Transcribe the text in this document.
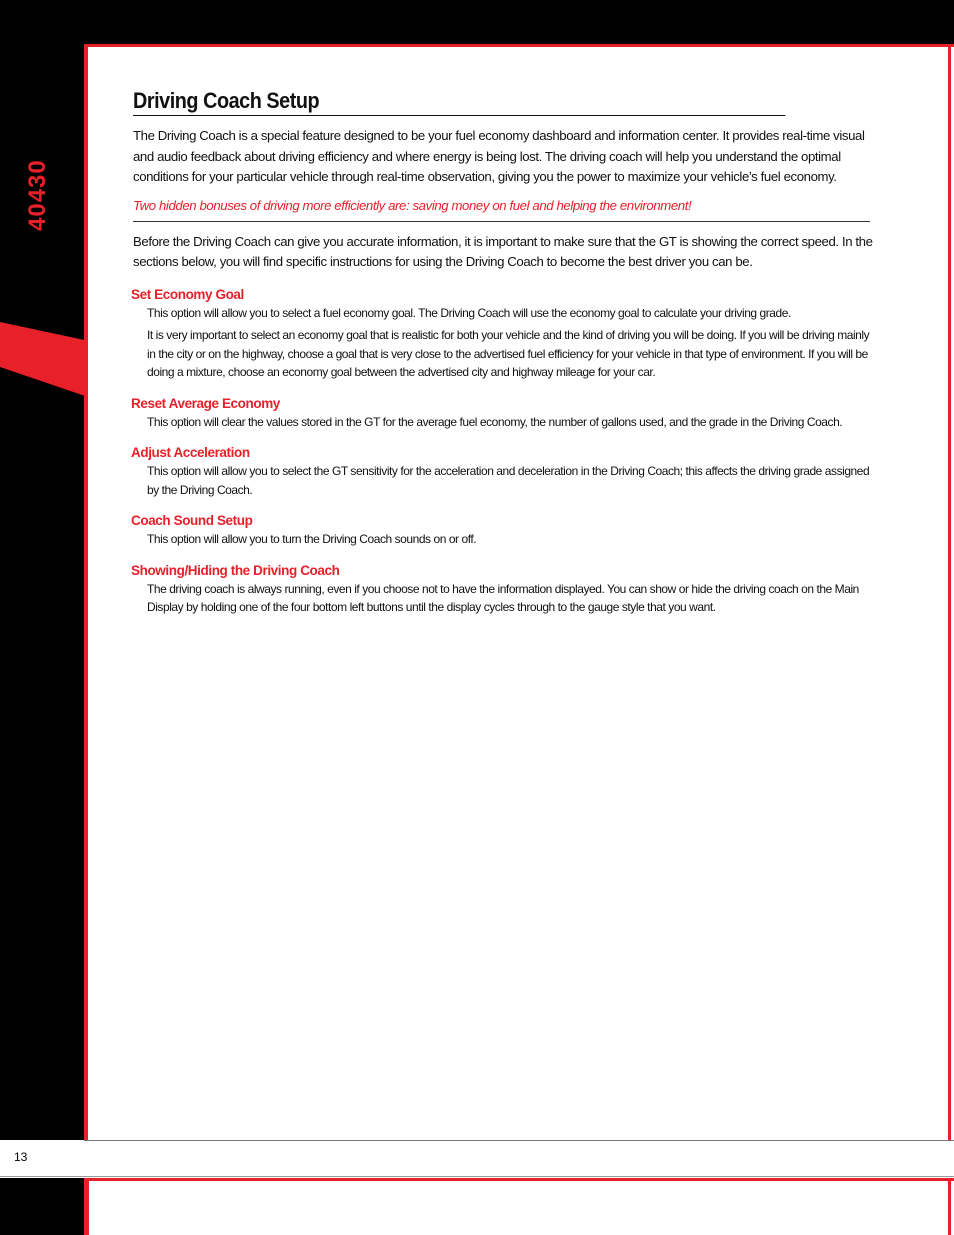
40430 GT for Hemi Plus Driving Coach Setup

The Driving Coach is a special feature designed to be your fuel economy dashboard and information center. It provides real-time visual and audio feedback about driving efficiency and where energy is being lost. The driving coach will help you understand the optimal conditions for your particular vehicle through real-time observation, giving you the power to maximize your vehicle’s fuel economy.

Two hidden bonuses of driving more efficiently are: saving money on fuel and helping the environment!

Before the Driving Coach can give you accurate information, it is important to make sure that the GT is showing the correct speed. In the sections below, you will find specific instructions for using the Driving Coach to become the best driver you can be.

Set Economy Goal

This option will allow you to select a fuel economy goal. The Driving Coach will use the economy goal to calculate your driving grade.

It is very important to select an economy goal that is realistic for both your vehicle and the kind of driving you will be doing. If you will be driving mainly in the city or on the highway, choose a goal that is very close to the advertised fuel efficiency for your vehicle in that type of environment. If you will be doing a mixture, choose an economy goal between the advertised city and highway mileage for your car.

Reset Average Economy

This option will clear the values stored in the GT for the average fuel economy, the number of gallons used, and the grade in the Driving Coach.

Adjust Acceleration

This option will allow you to select the GT sensitivity for the acceleration and deceleration in the Driving Coach; this affects the driving grade assigned by the Driving Coach.

Coach Sound Setup

This option will allow you to turn the Driving Coach sounds on or off.

Showing/Hiding the Driving Coach

The driving coach is always running, even if you choose not to have the information displayed. You can show or hide the driving coach on the Main Display by holding one of the four bottom left buttons until the display cycles through to the gauge style that you want.

13
